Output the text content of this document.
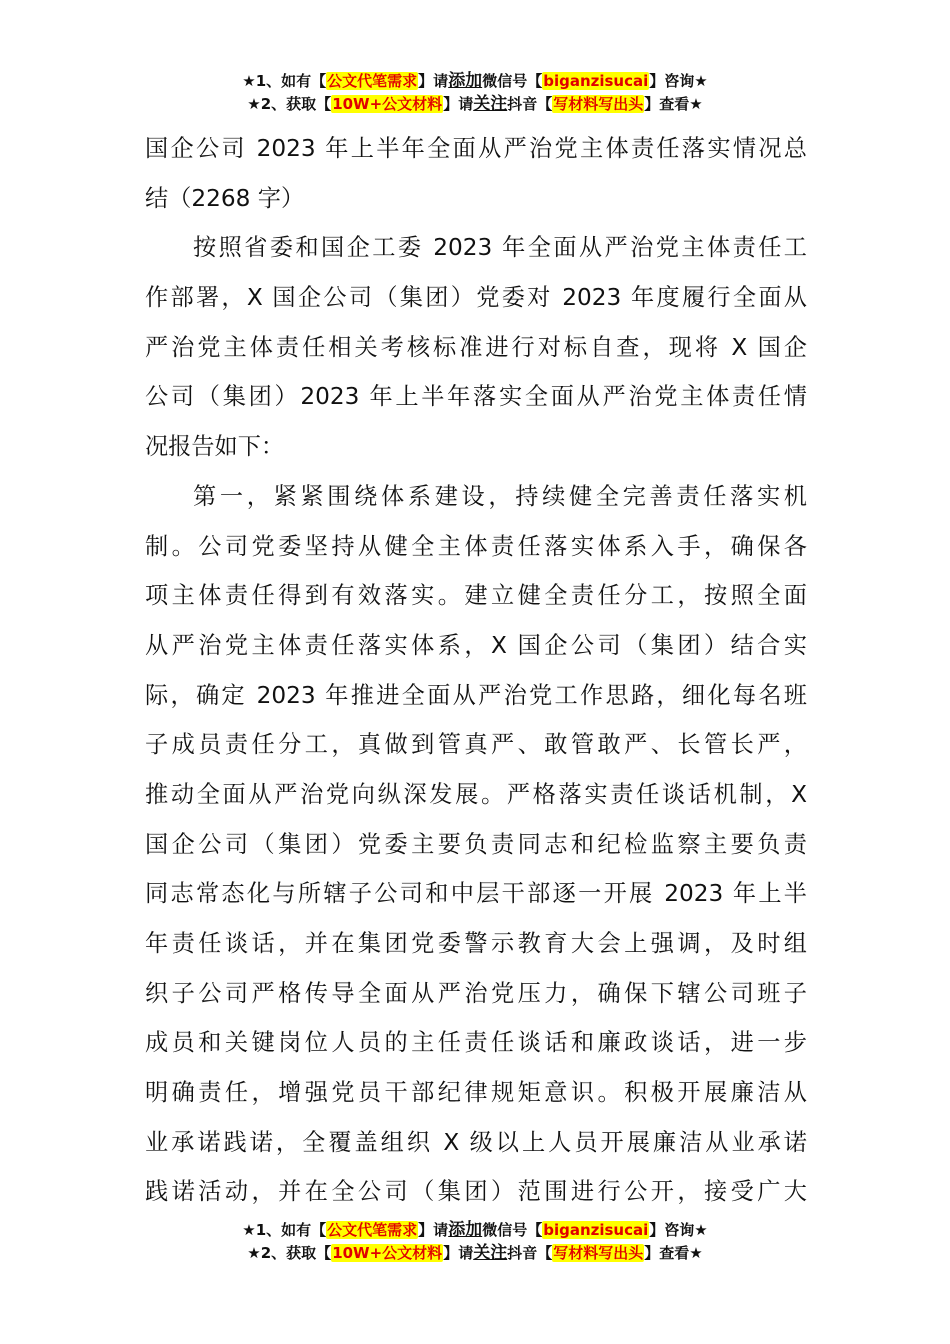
★1、如有【公文代笔需求】请添加微信号【biganzisucai】咨询★
★2、获取【10W+公文材料】请关注抖音【写材料写出头】查看★
国企公司 2023 年上半年全面从严治党主体责任落实情况总
结（2268 字）
按照省委和国企工委 2023 年全面从严治党主体责任工
作部署，X 国企公司（集团）党委对 2023 年度履行全面从
严治党主体责任相关考核标准进行对标自查，现将 X 国企
公司（集团）2023 年上半年落实全面从严治党主体责任情
况报告如下：
第一，紧紧围绕体系建设，持续健全完善责任落实机
制。公司党委坚持从健全主体责任落实体系入手，确保各
项主体责任得到有效落实。建立健全责任分工，按照全面
从严治党主体责任落实体系，X 国企公司（集团）结合实
际，确定 2023 年推进全面从严治党工作思路，细化每名班
子成员责任分工，真做到管真严、敢管敢严、长管长严，
推动全面从严治党向纵深发展。严格落实责任谈话机制，X
国企公司（集团）党委主要负责同志和纪检监察主要负责
同志常态化与所辖子公司和中层干部逐一开展 2023 年上半
年责任谈话，并在集团党委警示教育大会上强调，及时组
织子公司严格传导全面从严治党压力，确保下辖公司班子
成员和关键岗位人员的主任责任谈话和廉政谈话，进一步
明确责任，增强党员干部纪律规矩意识。积极开展廉洁从
业承诺践诺，全覆盖组织 X 级以上人员开展廉洁从业承诺
践诺活动，并在全公司（集团）范围进行公开，接受广大
★1、如有【公文代笔需求】请添加微信号【biganzisucai】咨询★
★2、获取【10W+公文材料】请关注抖音【写材料写出头】查看★
